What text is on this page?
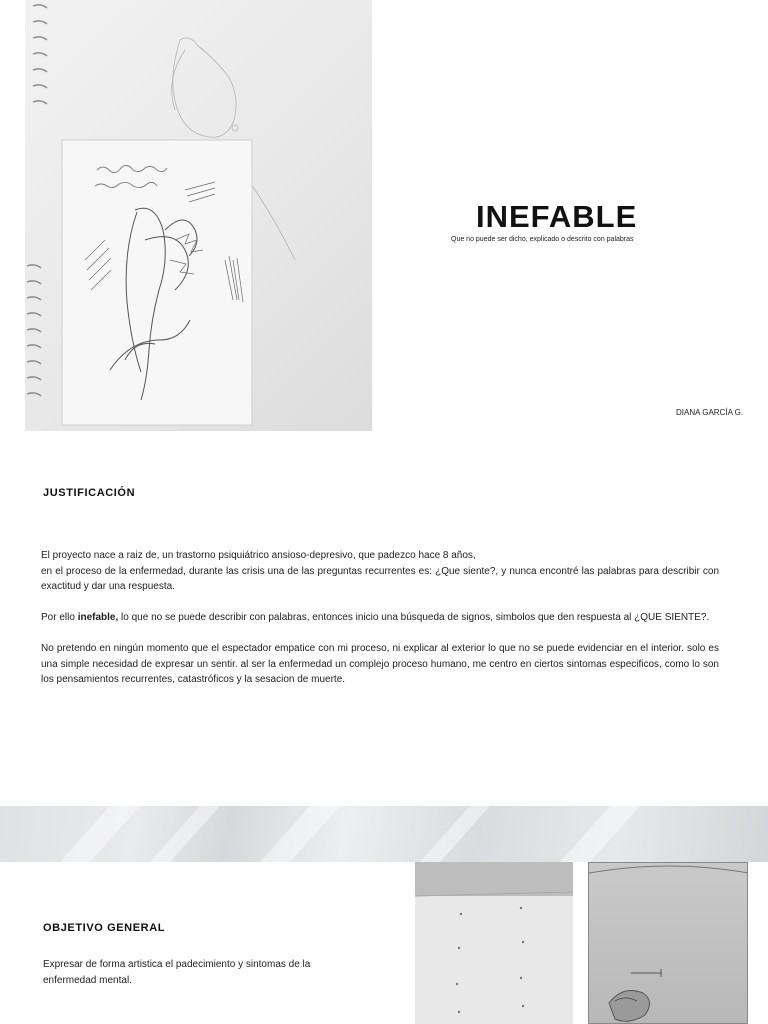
INEFABLE
Que no puede ser dicho, explicado o descrito con palabras
DIANA GARCÍA G.
JUSTIFICACIÓN

El proyecto nace a raiz de, un trastorno psiquiátrico ansioso-depresivo, que padezco hace 8 años,
en el proceso de la enfermedad, durante las crisis una de las preguntas recurrentes es: ¿Que siente?, y nunca encontré las palabras para describir con exactitud y dar una respuesta.

Por ello inefable, lo que no se puede describir con palabras, entonces inicio una búsqueda de signos, simbolos que den respuesta al ¿QUE SIENTE?.

No pretendo en ningún momento que el espectador empatice con mi proceso, ni explicar al exterior lo que no se puede evidenciar en el interior. solo es una simple necesidad de expresar un sentir. al ser la enfermedad un complejo proceso humano, me centro en ciertos sintomas especificos, como lo son los pensamientos recurrentes, catastróficos y la sesacion de muerte.

OBJETIVO GENERAL
Expresar de forma artistica el padecimiento y sintomas de la enfermedad mental.
